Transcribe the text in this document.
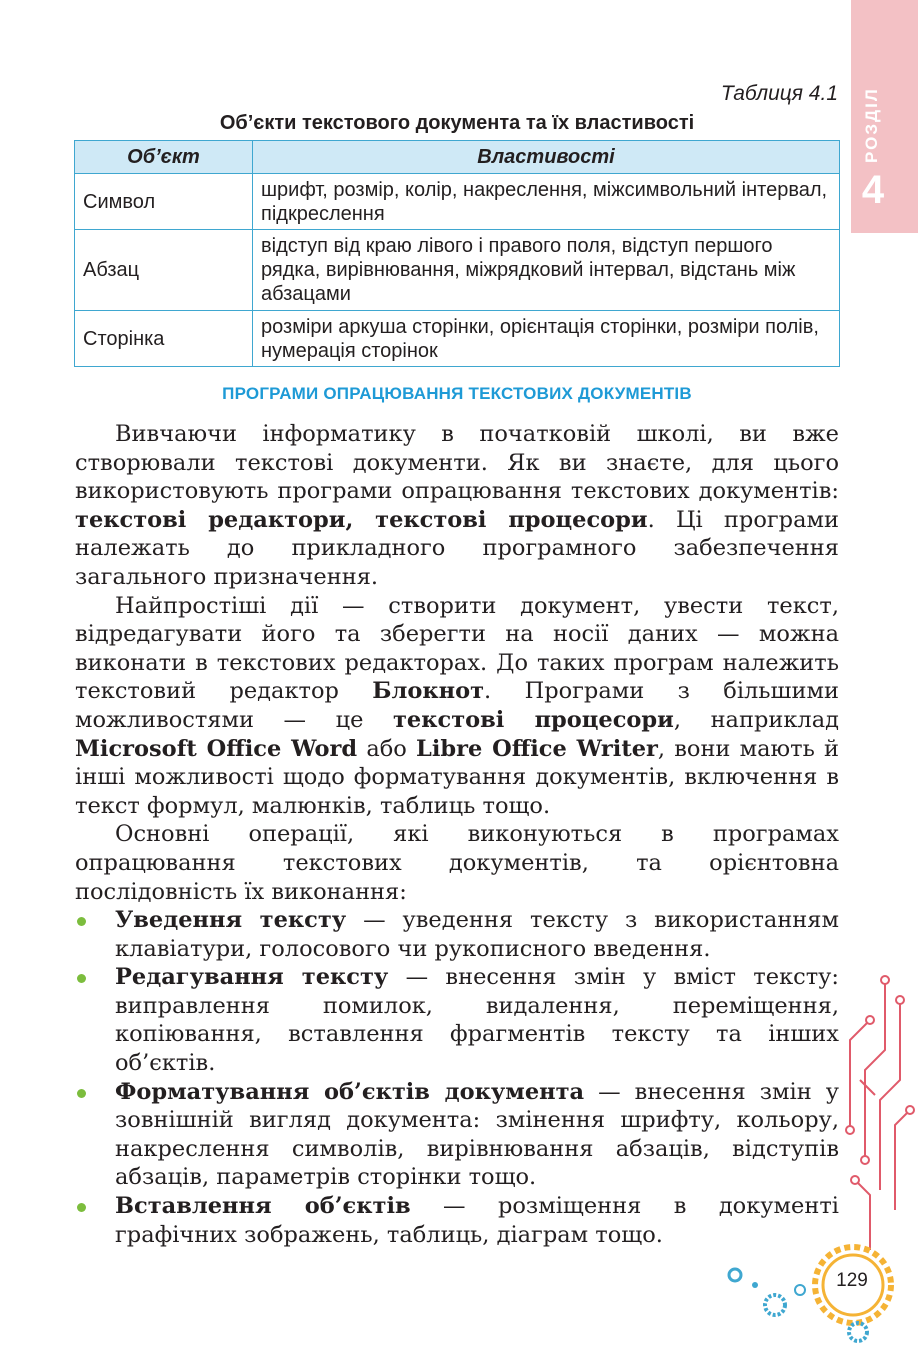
РОЗДІЛ
4
Таблиця 4.1
Об’єкти текстового документа та їх властивості
Об’єкт	Властивості
Символ	шрифт, розмір, колір, накреслення, міжсимвольний інтервал, підкреслення
Абзац	відступ від краю лівого і правого поля, відступ першого рядка, вирівнювання, міжрядковий інтервал, відстань між абзацами
Сторінка	розміри аркуша сторінки, орієнтація сторінки, розміри полів, нумерація сторінок
ПРОГРАМИ ОПРАЦЮВАННЯ ТЕКСТОВИХ ДОКУМЕНТІВ

Вивчаючи інформатику в початковій школі, ви вже створювали текстові документи. Як ви знаєте, для цього використовують програми опрацювання текстових документів: текстові редактори, текстові процесори. Ці програми належать до прикладного програмного забезпечення загального призначення.

Найпростіші дії — створити документ, увести текст, відредагувати його та зберегти на носії даних — можна виконати в текстових редакторах. До таких програм належить текстовий редактор Блокнот. Програми з більшими можливостями — це текстові процесори, наприклад Microsoft Office Word або Libre Office Writer, вони мають й інші можливості щодо форматування документів, включення в текст формул, малюнків, таблиць тощо.

Основні операції, які виконуються в програмах опрацювання текстових документів, та орієнтовна послідовність їх виконання:

Уведення тексту — уведення тексту з використанням клавіатури, голосового чи рукописного введення.
Редагування тексту — внесення змін у вміст тексту: виправлення помилок, видалення, переміщення, копіювання, вставлення фрагментів тексту та інших об’єктів.
Форматування об’єктів документа — внесення змін у зовнішній вигляд документа: змінення шрифту, кольору, накреслення символів, вирівнювання абзаців, відступів абзаців, параметрів сторінки тощо.
Вставлення об’єктів — розміщення в документі графічних зображень, таблиць, діаграм тощо.
129
